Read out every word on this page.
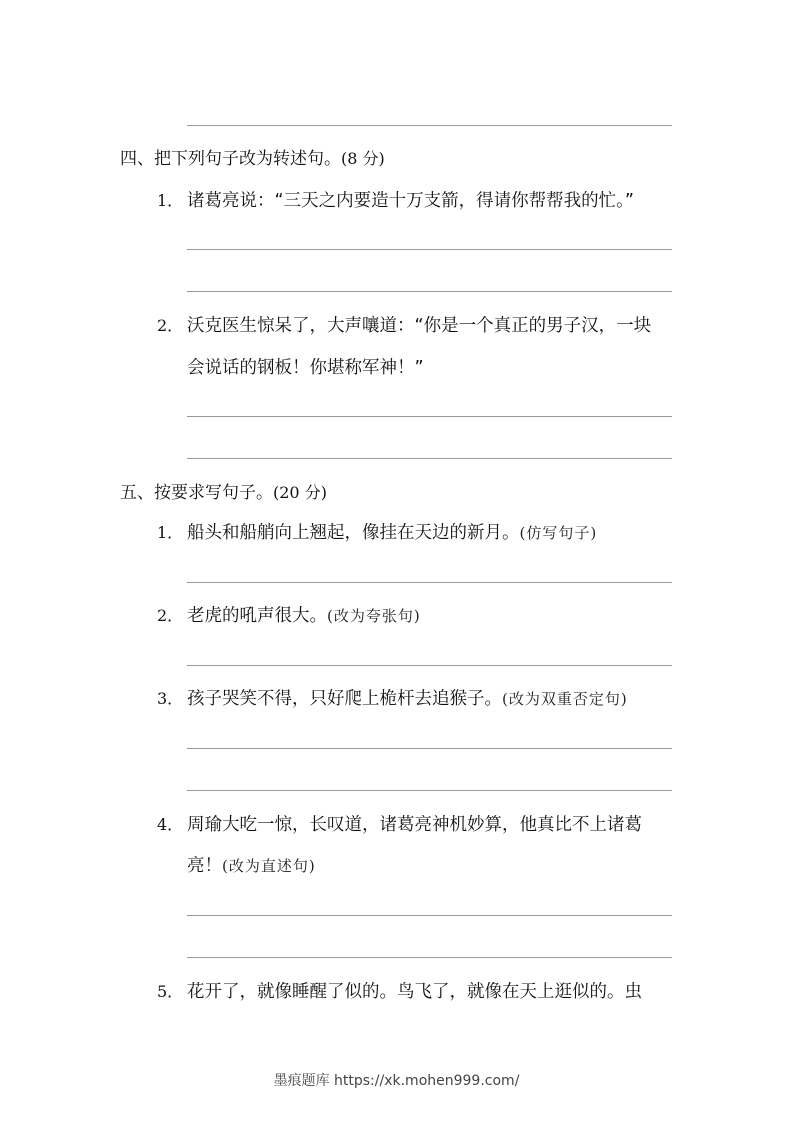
四、把下列句子改为转述句。(8 分)
1． 诸葛亮说：“三天之内要造十万支箭，得请你帮帮我的忙。”
2． 沃克医生惊呆了，大声嚷道：“你是一个真正的男子汉，一块
会说话的钢板！你堪称军神！”
五、按要求写句子。(20 分)
1． 船头和船艄向上翘起，像挂在天边的新月。(仿写句子)
2． 老虎的吼声很大。(改为夸张句)
3． 孩子哭笑不得，只好爬上桅杆去追猴子。(改为双重否定句)
4． 周瑜大吃一惊，长叹道，诸葛亮神机妙算，他真比不上诸葛
亮！(改为直述句)
5． 花开了，就像睡醒了似的。鸟飞了，就像在天上逛似的。虫
墨痕题库 https://xk.mohen999.com/
